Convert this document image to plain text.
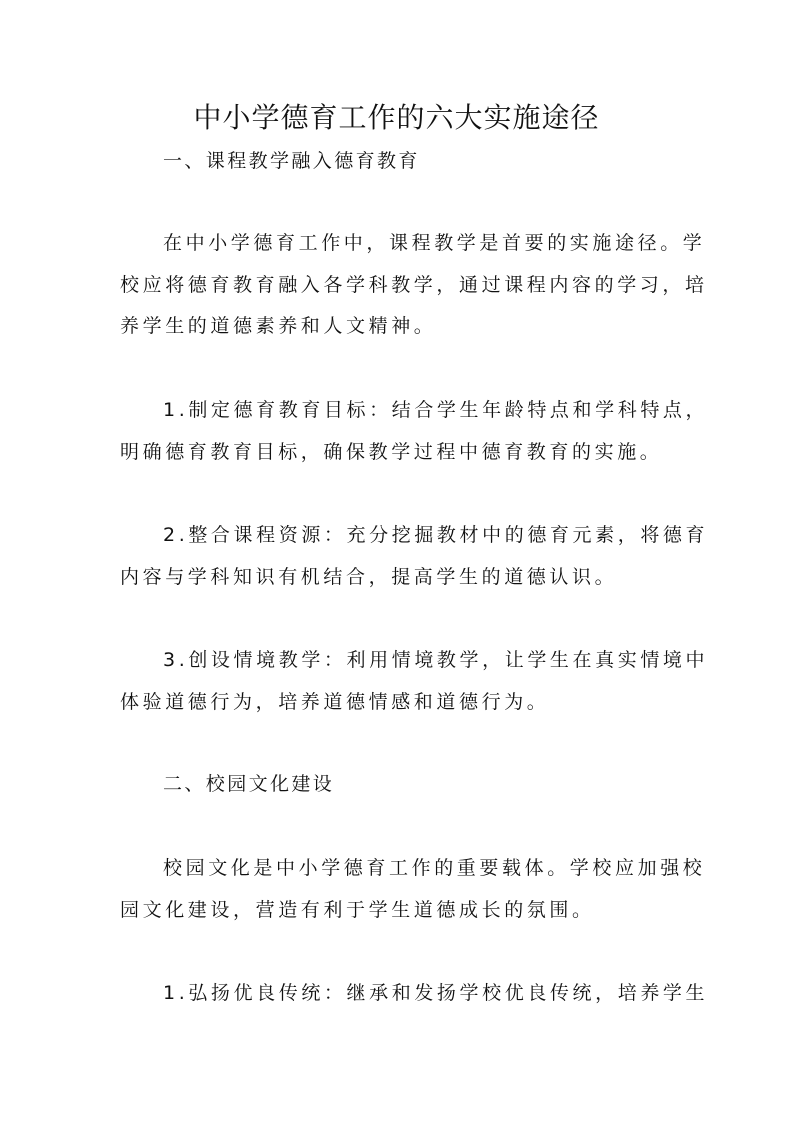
中小学德育工作的六大实施途径

一、课程教学融入德育教育

在中小学德育工作中，课程教学是首要的实施途径。学

校应将德育教育融入各学科教学，通过课程内容的学习，培

养学生的道德素养和人文精神。

1.制定德育教育目标：结合学生年龄特点和学科特点，

明确德育教育目标，确保教学过程中德育教育的实施。

2.整合课程资源：充分挖掘教材中的德育元素，将德育

内容与学科知识有机结合，提高学生的道德认识。

3.创设情境教学：利用情境教学，让学生在真实情境中

体验道德行为，培养道德情感和道德行为。

二、校园文化建设

校园文化是中小学德育工作的重要载体。学校应加强校

园文化建设，营造有利于学生道德成长的氛围。

1.弘扬优良传统：继承和发扬学校优良传统，培养学生
